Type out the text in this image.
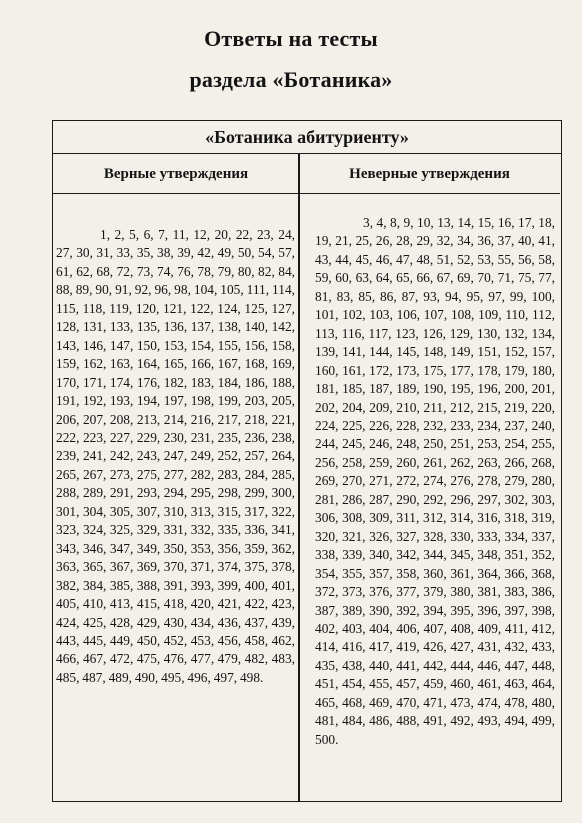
Ответы на тесты
раздела «Ботаника»
«Ботаника абитуриенту»
Верные утверждения	Неверные утверждения

1, 2, 5, 6, 7, 11, 12, 20, 22, 23, 24, 27, 30, 31, 33, 35, 38, 39, 42, 49, 50, 54, 57, 61, 62, 68, 72, 73, 74, 76, 78, 79, 80, 82, 84, 88, 89, 90, 91, 92, 96, 98, 104, 105, 111, 114, 115, 118, 119, 120, 121, 122, 124, 125, 127, 128, 131, 133, 135, 136, 137, 138, 140, 142, 143, 146, 147, 150, 153, 154, 155, 156, 158, 159, 162, 163, 164, 165, 166, 167, 168, 169, 170, 171, 174, 176, 182, 183, 184, 186, 188, 191, 192, 193, 194, 197, 198, 199, 203, 205, 206, 207, 208, 213, 214, 216, 217, 218, 221, 222, 223, 227, 229, 230, 231, 235, 236, 238, 239, 241, 242, 243, 247, 249, 252, 257, 264, 265, 267, 273, 275, 277, 282, 283, 284, 285, 288, 289, 291, 293, 294, 295, 298, 299, 300, 301, 304, 305, 307, 310, 313, 315, 317, 322, 323, 324, 325, 329, 331, 332, 335, 336, 341, 343, 346, 347, 349, 350, 353, 356, 359, 362, 363, 365, 367, 369, 370, 371, 374, 375, 378, 382, 384, 385, 388, 391, 393, 399, 400, 401, 405, 410, 413, 415, 418, 420, 421, 422, 423, 424, 425, 428, 429, 430, 434, 436, 437, 439, 443, 445, 449, 450, 452, 453, 456, 458, 462, 466, 467, 472, 475, 476, 477, 479, 482, 483, 485, 487, 489, 490, 495, 496, 497, 498.

3, 4, 8, 9, 10, 13, 14, 15, 16, 17, 18, 19, 21, 25, 26, 28, 29, 32, 34, 36, 37, 40, 41, 43, 44, 45, 46, 47, 48, 51, 52, 53, 55, 56, 58, 59, 60, 63, 64, 65, 66, 67, 69, 70, 71, 75, 77, 81, 83, 85, 86, 87, 93, 94, 95, 97, 99, 100, 101, 102, 103, 106, 107, 108, 109, 110, 112, 113, 116, 117, 123, 126, 129, 130, 132, 134, 139, 141, 144, 145, 148, 149, 151, 152, 157, 160, 161, 172, 173, 175, 177, 178, 179, 180, 181, 185, 187, 189, 190, 195, 196, 200, 201, 202, 204, 209, 210, 211, 212, 215, 219, 220, 224, 225, 226, 228, 232, 233, 234, 237, 240, 244, 245, 246, 248, 250, 251, 253, 254, 255, 256, 258, 259, 260, 261, 262, 263, 266, 268, 269, 270, 271, 272, 274, 276, 278, 279, 280, 281, 286, 287, 290, 292, 296, 297, 302, 303, 306, 308, 309, 311, 312, 314, 316, 318, 319, 320, 321, 326, 327, 328, 330, 333, 334, 337, 338, 339, 340, 342, 344, 345, 348, 351, 352, 354, 355, 357, 358, 360, 361, 364, 366, 368, 372, 373, 376, 377, 379, 380, 381, 383, 386, 387, 389, 390, 392, 394, 395, 396, 397, 398, 402, 403, 404, 406, 407, 408, 409, 411, 412, 414, 416, 417, 419, 426, 427, 431, 432, 433, 435, 438, 440, 441, 442, 444, 446, 447, 448, 451, 454, 455, 457, 459, 460, 461, 463, 464, 465, 468, 469, 470, 471, 473, 474, 478, 480, 481, 484, 486, 488, 491, 492, 493, 494, 499, 500.
